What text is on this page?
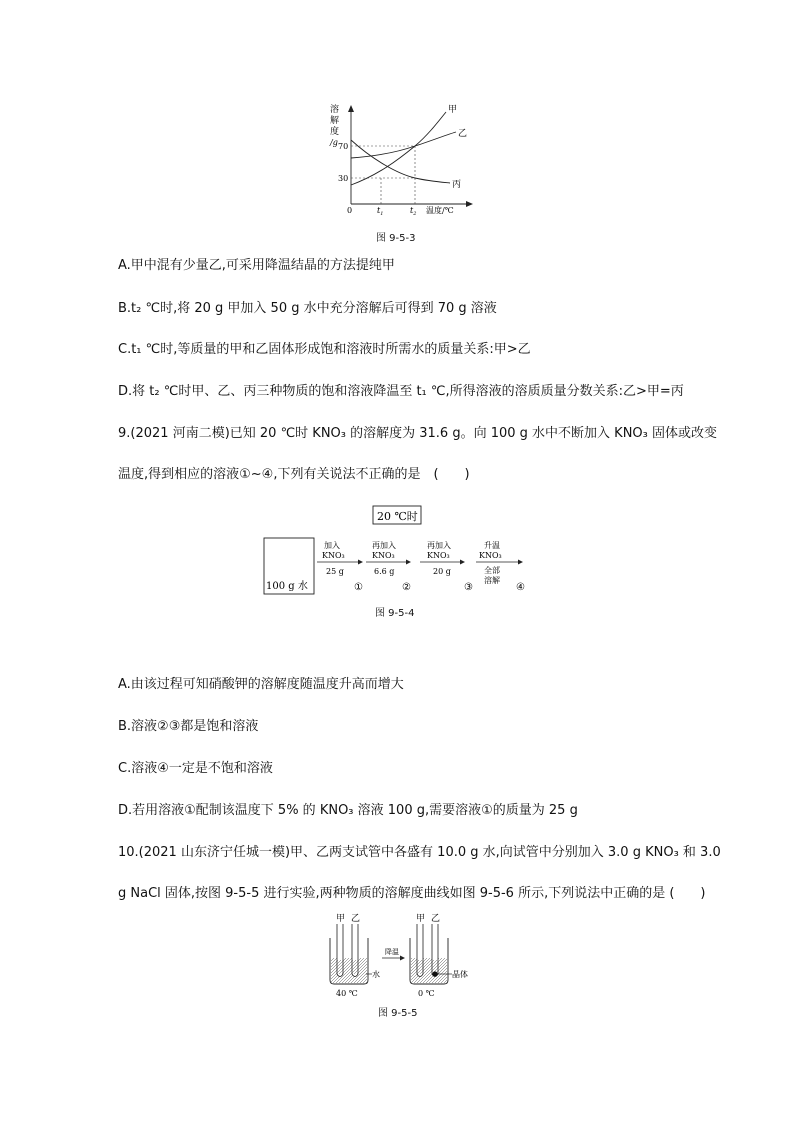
溶
解
度
/g 70
30
0	$t_1$	$t_2$ 温度/℃
甲
乙
丙
图 9-5-3
A.甲中混有少量乙,可采用降温结晶的方法提纯甲
B.t₂ ℃时,将 20 g 甲加入 50 g 水中充分溶解后可得到 70 g 溶液
C.t₁ ℃时,等质量的甲和乙固体形成饱和溶液时所需水的质量关系:甲>乙
D.将 t₂ ℃时甲、乙、丙三种物质的饱和溶液降温至 t₁ ℃,所得溶液的溶质质量分数关系:乙>甲=丙
9.(2021 河南二模)已知 20 ℃时 KNO₃ 的溶解度为 31.6 g。向 100 g 水中不断加入 KNO₃ 固体或改变
温度,得到相应的溶液①~④,下列有关说法不正确的是　(　　)
20 ℃时
100 g 水
加入
KNO₃
25 g
①
再加入
KNO₃
6.6 g
②
再加入
KNO₃
20 g
③
升温
KNO₃
全部
溶解
④
图 9-5-4
A.由该过程可知硝酸钾的溶解度随温度升高而增大
B.溶液②③都是饱和溶液
C.溶液④一定是不饱和溶液
D.若用溶液①配制该温度下 5% 的 KNO₃ 溶液 100 g,需要溶液①的质量为 25 g
10.(2021 山东济宁任城一模)甲、乙两支试管中各盛有 10.0 g 水,向试管中分别加入 3.0 g KNO₃ 和 3.0
g NaCl 固体,按图 9-5-5 进行实验,两种物质的溶解度曲线如图 9-5-6 所示,下列说法中正确的是 (　　)
甲 乙
水
40 ℃
降温
甲 乙
晶体
0 ℃
图 9-5-5
